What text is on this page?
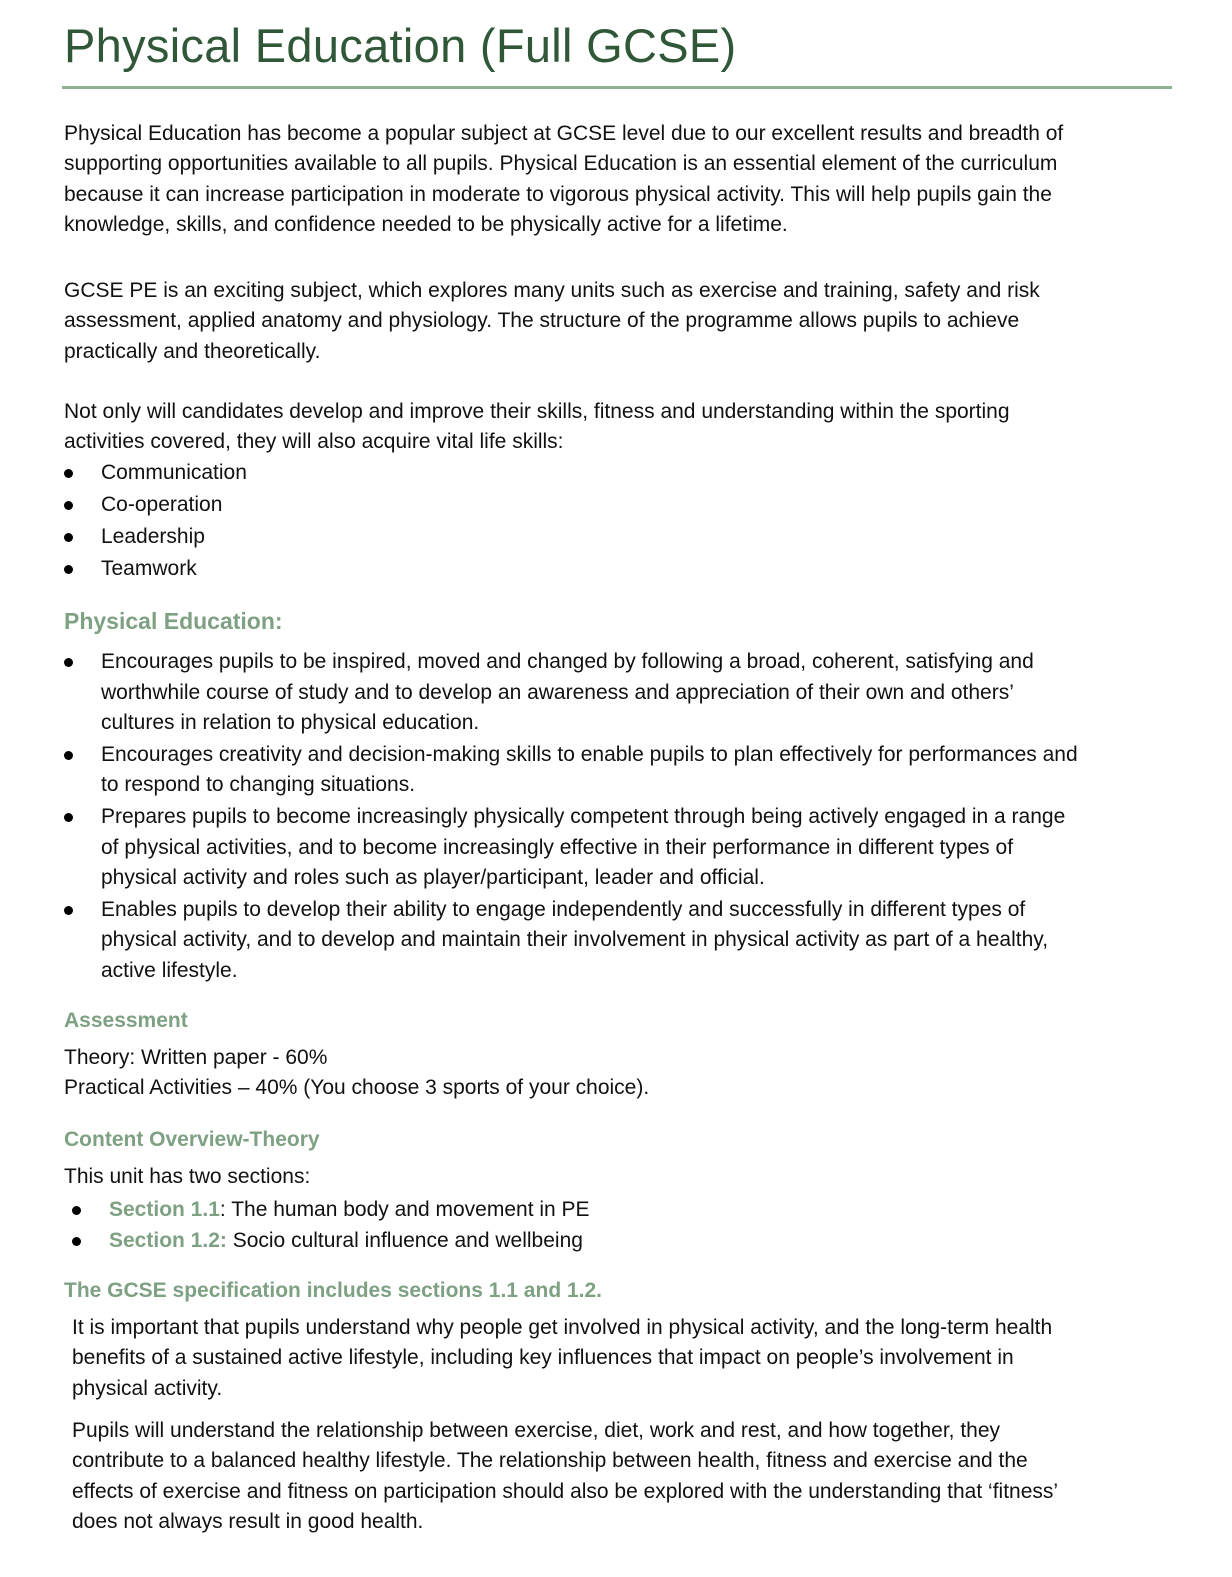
Physical Education (Full GCSE)

Physical Education has become a popular subject at GCSE level due to our excellent results and breadth of
supporting opportunities available to all pupils. Physical Education is an essential element of the curriculum
because it can increase participation in moderate to vigorous physical activity. This will help pupils gain the
knowledge, skills, and confidence needed to be physically active for a lifetime.

GCSE PE is an exciting subject, which explores many units such as exercise and training, safety and risk
assessment, applied anatomy and physiology. The structure of the programme allows pupils to achieve
practically and theoretically.

Not only will candidates develop and improve their skills, fitness and understanding within the sporting
activities covered, they will also acquire vital life skills:

Communication
Co-operation
Leadership
Teamwork
Physical Education:
Encourages pupils to be inspired, moved and changed by following a broad, coherent, satisfying and
worthwhile course of study and to develop an awareness and appreciation of their own and others’
cultures in relation to physical education.
Encourages creativity and decision-making skills to enable pupils to plan effectively for performances and
to respond to changing situations.
Prepares pupils to become increasingly physically competent through being actively engaged in a range
of physical activities, and to become increasingly effective in their performance in different types of
physical activity and roles such as player/participant, leader and official.
Enables pupils to develop their ability to engage independently and successfully in different types of
physical activity, and to develop and maintain their involvement in physical activity as part of a healthy,
active lifestyle.
Assessment

Theory: Written paper - 60%
Practical Activities – 40% (You choose 3 sports of your choice).

Content Overview-Theory

This unit has two sections:

Section 1.1: The human body and movement in PE
Section 1.2: Socio cultural influence and wellbeing
The GCSE specification includes sections 1.1 and 1.2.

It is important that pupils understand why people get involved in physical activity, and the long-term health
benefits of a sustained active lifestyle, including key influences that impact on people’s involvement in
physical activity.

Pupils will understand the relationship between exercise, diet, work and rest, and how together, they
contribute to a balanced healthy lifestyle. The relationship between health, fitness and exercise and the
effects of exercise and fitness on participation should also be explored with the understanding that ‘fitness’
does not always result in good health.
